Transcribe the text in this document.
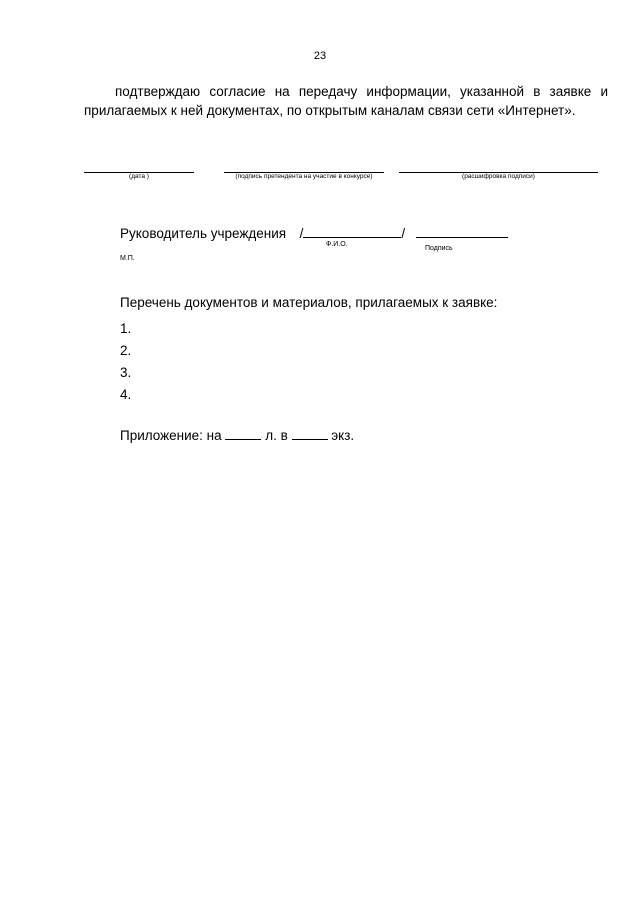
23
подтверждаю согласие на передачу информации, указанной в заявке и прилагаемых к ней документах, по открытым каналам связи сети «Интернет».
(дата )	(подпись претендента на участие в конкурсе)	(расшифровка подписи)
Руководитель учреждения /	/
Ф.И.О.
Подпись
М.П.
Перечень документов и материалов, прилагаемых к заявке:
1.
2.
3.
4.
Приложение: на	л. в	экз.
